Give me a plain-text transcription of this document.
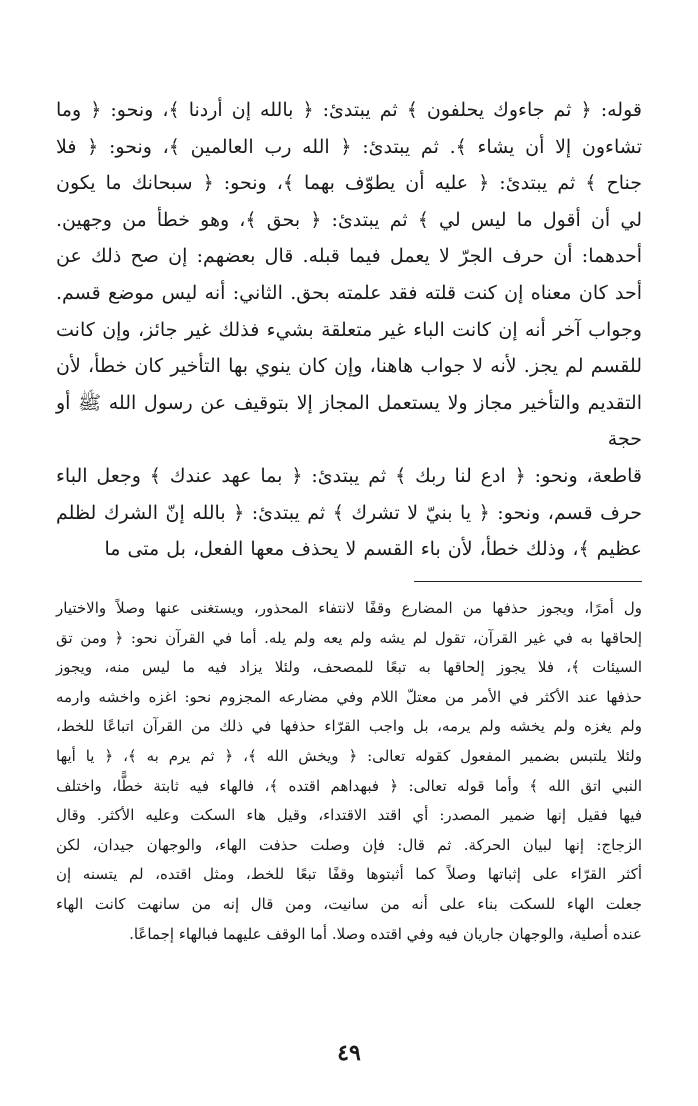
قوله: ﴿ ثم جاءوك يحلفون ﴾ ثم يبتدئ: ﴿ بالله إن أردنا ﴾، ونحو: ﴿ وما

تشاءون إلا أن يشاء ﴾. ثم يبتدئ: ﴿ الله رب العالمين ﴾، ونحو: ﴿ فلا

جناح ﴾ ثم يبتدئ: ﴿ عليه أن يطوّف بهما ﴾، ونحو: ﴿ سبحانك ما يكون

لي أن أقول ما ليس لي ﴾ ثم يبتدئ: ﴿ بحق ﴾، وهو خطأ من وجهين.

أحدهما: أن حرف الجرّ لا يعمل فيما قبله. قال بعضهم: إن صح ذلك عن

أحد كان معناه إن كنت قلته فقد علمته بحق. الثاني: أنه ليس موضع قسم.

وجواب آخر أنه إن كانت الباء غير متعلقة بشيء فذلك غير جائز، وإن كانت

للقسم لم يجز. لأنه لا جواب هاهنا، وإن كان ينوي بها التأخير كان خطأ، لأن

التقديم والتأخير مجاز ولا يستعمل المجاز إلا بتوقيف عن رسول الله ﷺ أو حجة

قاطعة، ونحو: ﴿ ادع لنا ربك ﴾ ثم يبتدئ: ﴿ بما عهد عندك ﴾ وجعل الباء

حرف قسم، ونحو: ﴿ يا بنيّ لا تشرك ﴾ ثم يبتدئ: ﴿ بالله إنّ الشرك لظلم

عظيم ﴾، وذلك خطأ، لأن باء القسم لا يحذف معها الفعل، بل متى ما

ول أمرًا، ويجوز حذفها من المضارع وقفًا لانتفاء المحذور، ويستغنى عنها وصلاً والاختيار

إلحاقها به في غير القرآن، تقول لم يشه ولم يعه ولم يله. أما في القرآن نحو: ﴿ ومن تق

السيئات ﴾، فلا يجوز إلحاقها به تبعًا للمصحف، ولئلا يزاد فيه ما ليس منه، ويجوز

حذفها عند الأكثر في الأمر من معتلّ اللام وفي مضارعه المجزوم نحو: اغزه واخشه وارمه

ولم يغزه ولم يخشه ولم يرمه، بل واجب القرّاء حذفها في ذلك من القرآن اتباعًا للخط،

ولئلا يلتبس بضمير المفعول كقوله تعالى: ﴿ ويخش الله ﴾، ﴿ ثم يرم به ﴾، ﴿ يا أيها

النبي اتق الله ﴾ وأما قوله تعالى: ﴿ فبهداهم اقتده ﴾، فالهاء فيه ثابتة خطًّا، واختلف

فيها فقيل إنها ضمير المصدر: أي اقتد الاقتداء، وقيل هاء السكت وعليه الأكثر. وقال

الزجاج: إنها لبيان الحركة. ثم قال: فإن وصلت حذفت الهاء، والوجهان جيدان، لكن

أكثر القرّاء على إثباتها وصلاً كما أثبتوها وقفًا تبعًا للخط، ومثل اقتده، لم يتسنه إن

جعلت الهاء للسكت بناء على أنه من سانيت، ومن قال إنه من سانهت كانت الهاء

عنده أصلية، والوجهان جاريان فيه وفي اقتده وصلا. أما الوقف عليهما فبالهاء إجماعًا.

٤٩
